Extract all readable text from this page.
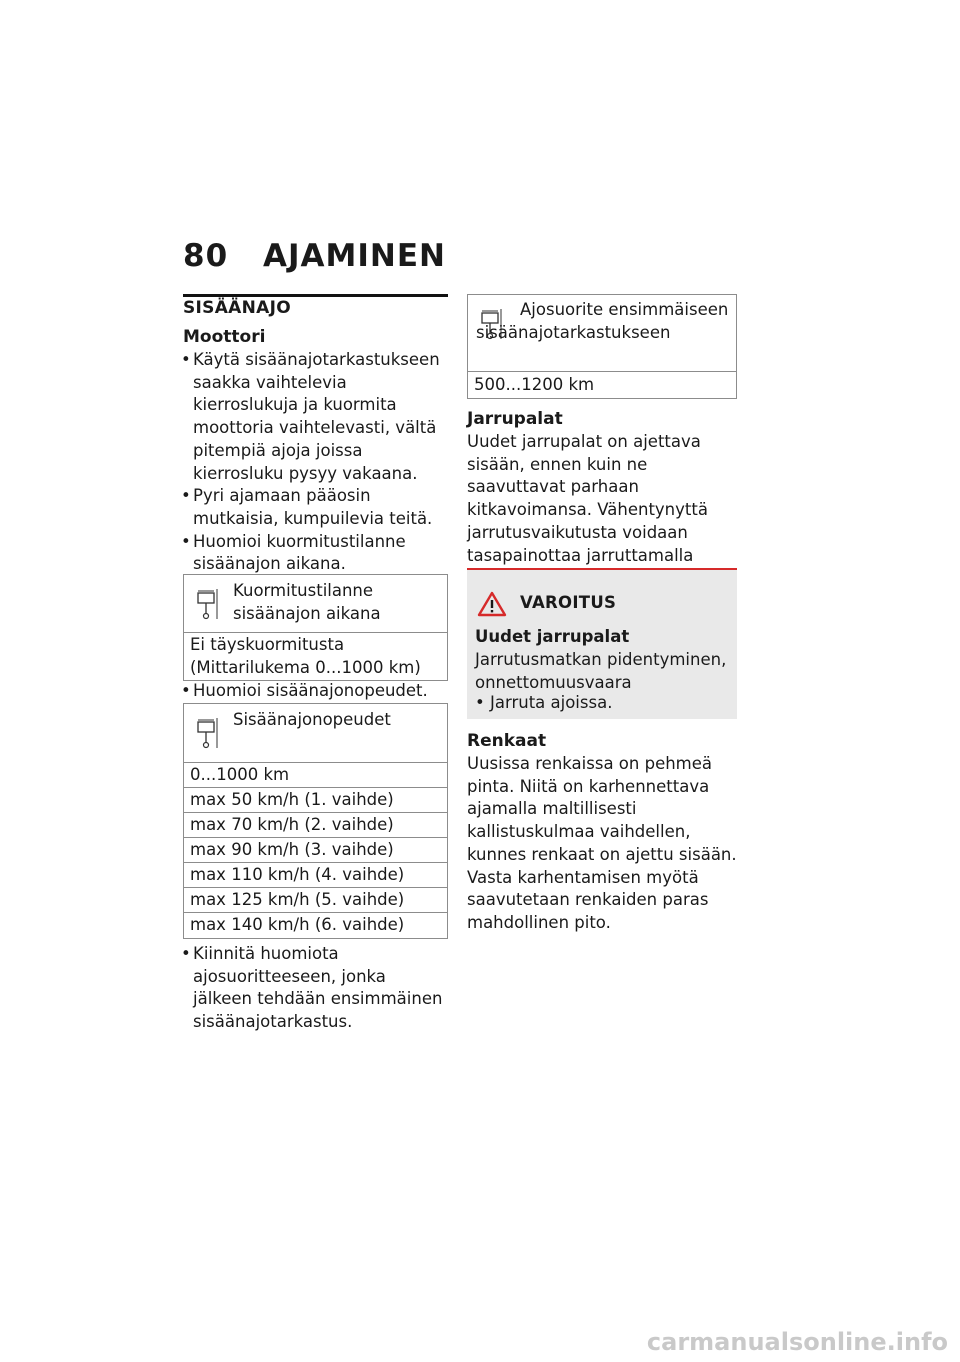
80 AJAMINEN
SISÄÄNAJO
Moottori
• Käytä sisäänajotarkastukseen saakka vaihtelevia kierroslukuja ja kuormita moottoria vaihtelevasti, vältä pitempiä ajoja joissa kierrosluku pysyy vakaana.
• Pyri ajamaan pääosin mutkaisia, kumpuilevia teitä.
• Huomioi kuormitustilanne sisäänajon aikana.
Kuormitustilanne sisäänajon aikana
Ei täyskuormitusta (Mittarilukema 0...1000 km)
• Huomioi sisäänajonopeudet.
Sisäänajonopeudet
0...1000 km
max 50 km/h (1. vaihde)
max 70 km/h (2. vaihde)
max 90 km/h (3. vaihde)
max 110 km/h (4. vaihde)
max 125 km/h (5. vaihde)
max 140 km/h (6. vaihde)
• Kiinnitä huomiota ajosuoritteeseen, jonka jälkeen tehdään ensimmäinen sisäänajotarkastus.
Ajosuorite ensimmäiseen sisäänajotarkastukseen
500...1200 km
Jarrupalat
Uudet jarrupalat on ajettava sisään, ennen kuin ne saavuttavat parhaan kitkavoimansa. Vähentynyttä jarrutusvaikutusta voidaan tasapainottaa jarruttamalla
VAROITUS
Uudet jarrupalat
Jarrutusmatkan pidentyminen, onnettomuusvaara
• Jarruta ajoissa.
Renkaat
Uusissa renkaissa on pehmeä pinta. Niitä on karhennettava ajamalla maltillisesti kallistuskulmaa vaihdellen, kunnes renkaat on ajettu sisään. Vasta karhentamisen myötä saavutetaan renkaiden paras mahdollinen pito.
carmanualsonline.info
